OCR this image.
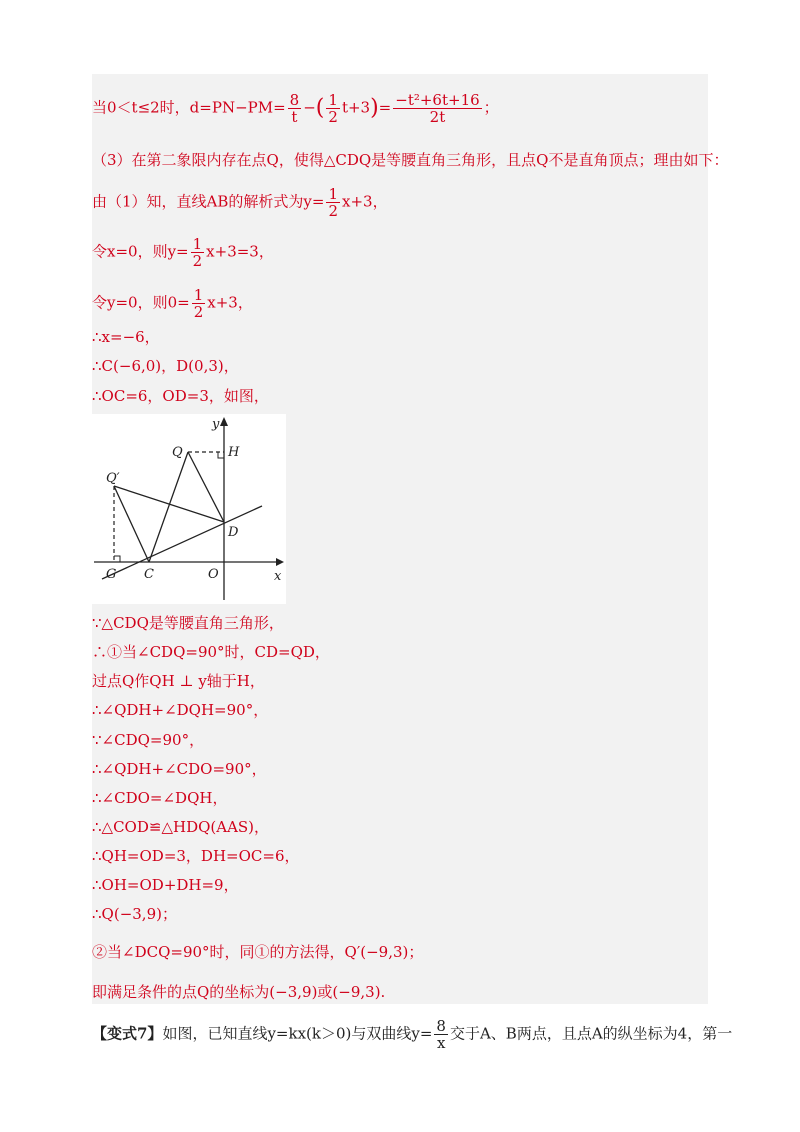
当0＜t≤2时，$d=PN-PM= \frac{8}{t}$ −( $\frac{1}{2} t+3)= \frac{\text{−t²+6t+16}}{2t}$ ；
（3）在第二象限内存在点Q，使得△CDQ是等腰直角三角形，且点Q不是直角顶点；理由如下：
由（1）知，直线AB的解析式为$y= \frac{1}{2} x+3$，
令x=0，则$y= \frac{1}{2} x+3=3$，
令y=0，则$0= \frac{1}{2} x+3$，
∴x=−6，
∴C(−6,0)，D(0,3)，
∴OC=6，OD=3，如图，
y
x
Q	H
Q′
D
G C	O
∵△CDQ是等腰直角三角形，
∴①当∠CDQ=90°时，CD=QD，
过点Q作QH ⊥ y轴于H，
∴∠QDH+∠DQH=90°，
∵∠CDQ=90°，
∴∠QDH+∠CDO=90°，
∴∠CDO=∠DQH，
∴△COD≌△HDQ(AAS)，
∴QH=OD=3，DH=OC=6，
∴OH=OD+DH=9，
∴Q(−3,9)；
②当∠DCQ=90°时，同①的方法得，Q′(−9,3)；
即满足条件的点Q的坐标为(−3,9)或(−9,3).
【变式7】如图，已知直线y=kx(k＞0)与双曲线$y= \frac{8}{x}$ 交于A、B两点，且点A的纵坐标为4，第一
